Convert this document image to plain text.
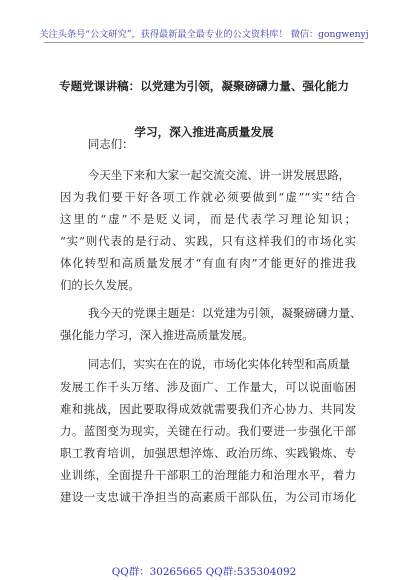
关注头条号“公文研究”，获得最新最全最专业的公文资料库！ 微信：gongwenyj
专题党课讲稿：以党建为引领，凝聚磅礴力量、强化能力
学习，深入推进高质量发展
同志们：
今天坐下来和大家一起交流交流、讲一讲发展思路，
因为我们要干好各项工作就必须要做到“虚”“实”结合
这里的“虚”不是贬义词，而是代表学习理论知识；
“实”则代表的是行动、实践，只有这样我们的市场化实
体化转型和高质量发展才“有血有肉”才能更好的推进我
们的长久发展。
我今天的党课主题是：以党建为引领，凝聚磅礴力量、
强化能力学习，深入推进高质量发展。
同志们，实实在在的说，市场化实体化转型和高质量
发展工作千头万绪、涉及面广、工作量大，可以说面临困
难和挑战，因此要取得成效就需要我们齐心协力、共同发
力。蓝图变为现实，关键在行动。我们要进一步强化干部
职工教育培训，加强思想淬炼、政治历练、实践锻炼、专
业训练，全面提升干部职工的治理能力和治理水平，着力
建设一支忠诚干净担当的高素质干部队伍，为公司市场化
QQ群：30265665 QQ群:535304092
